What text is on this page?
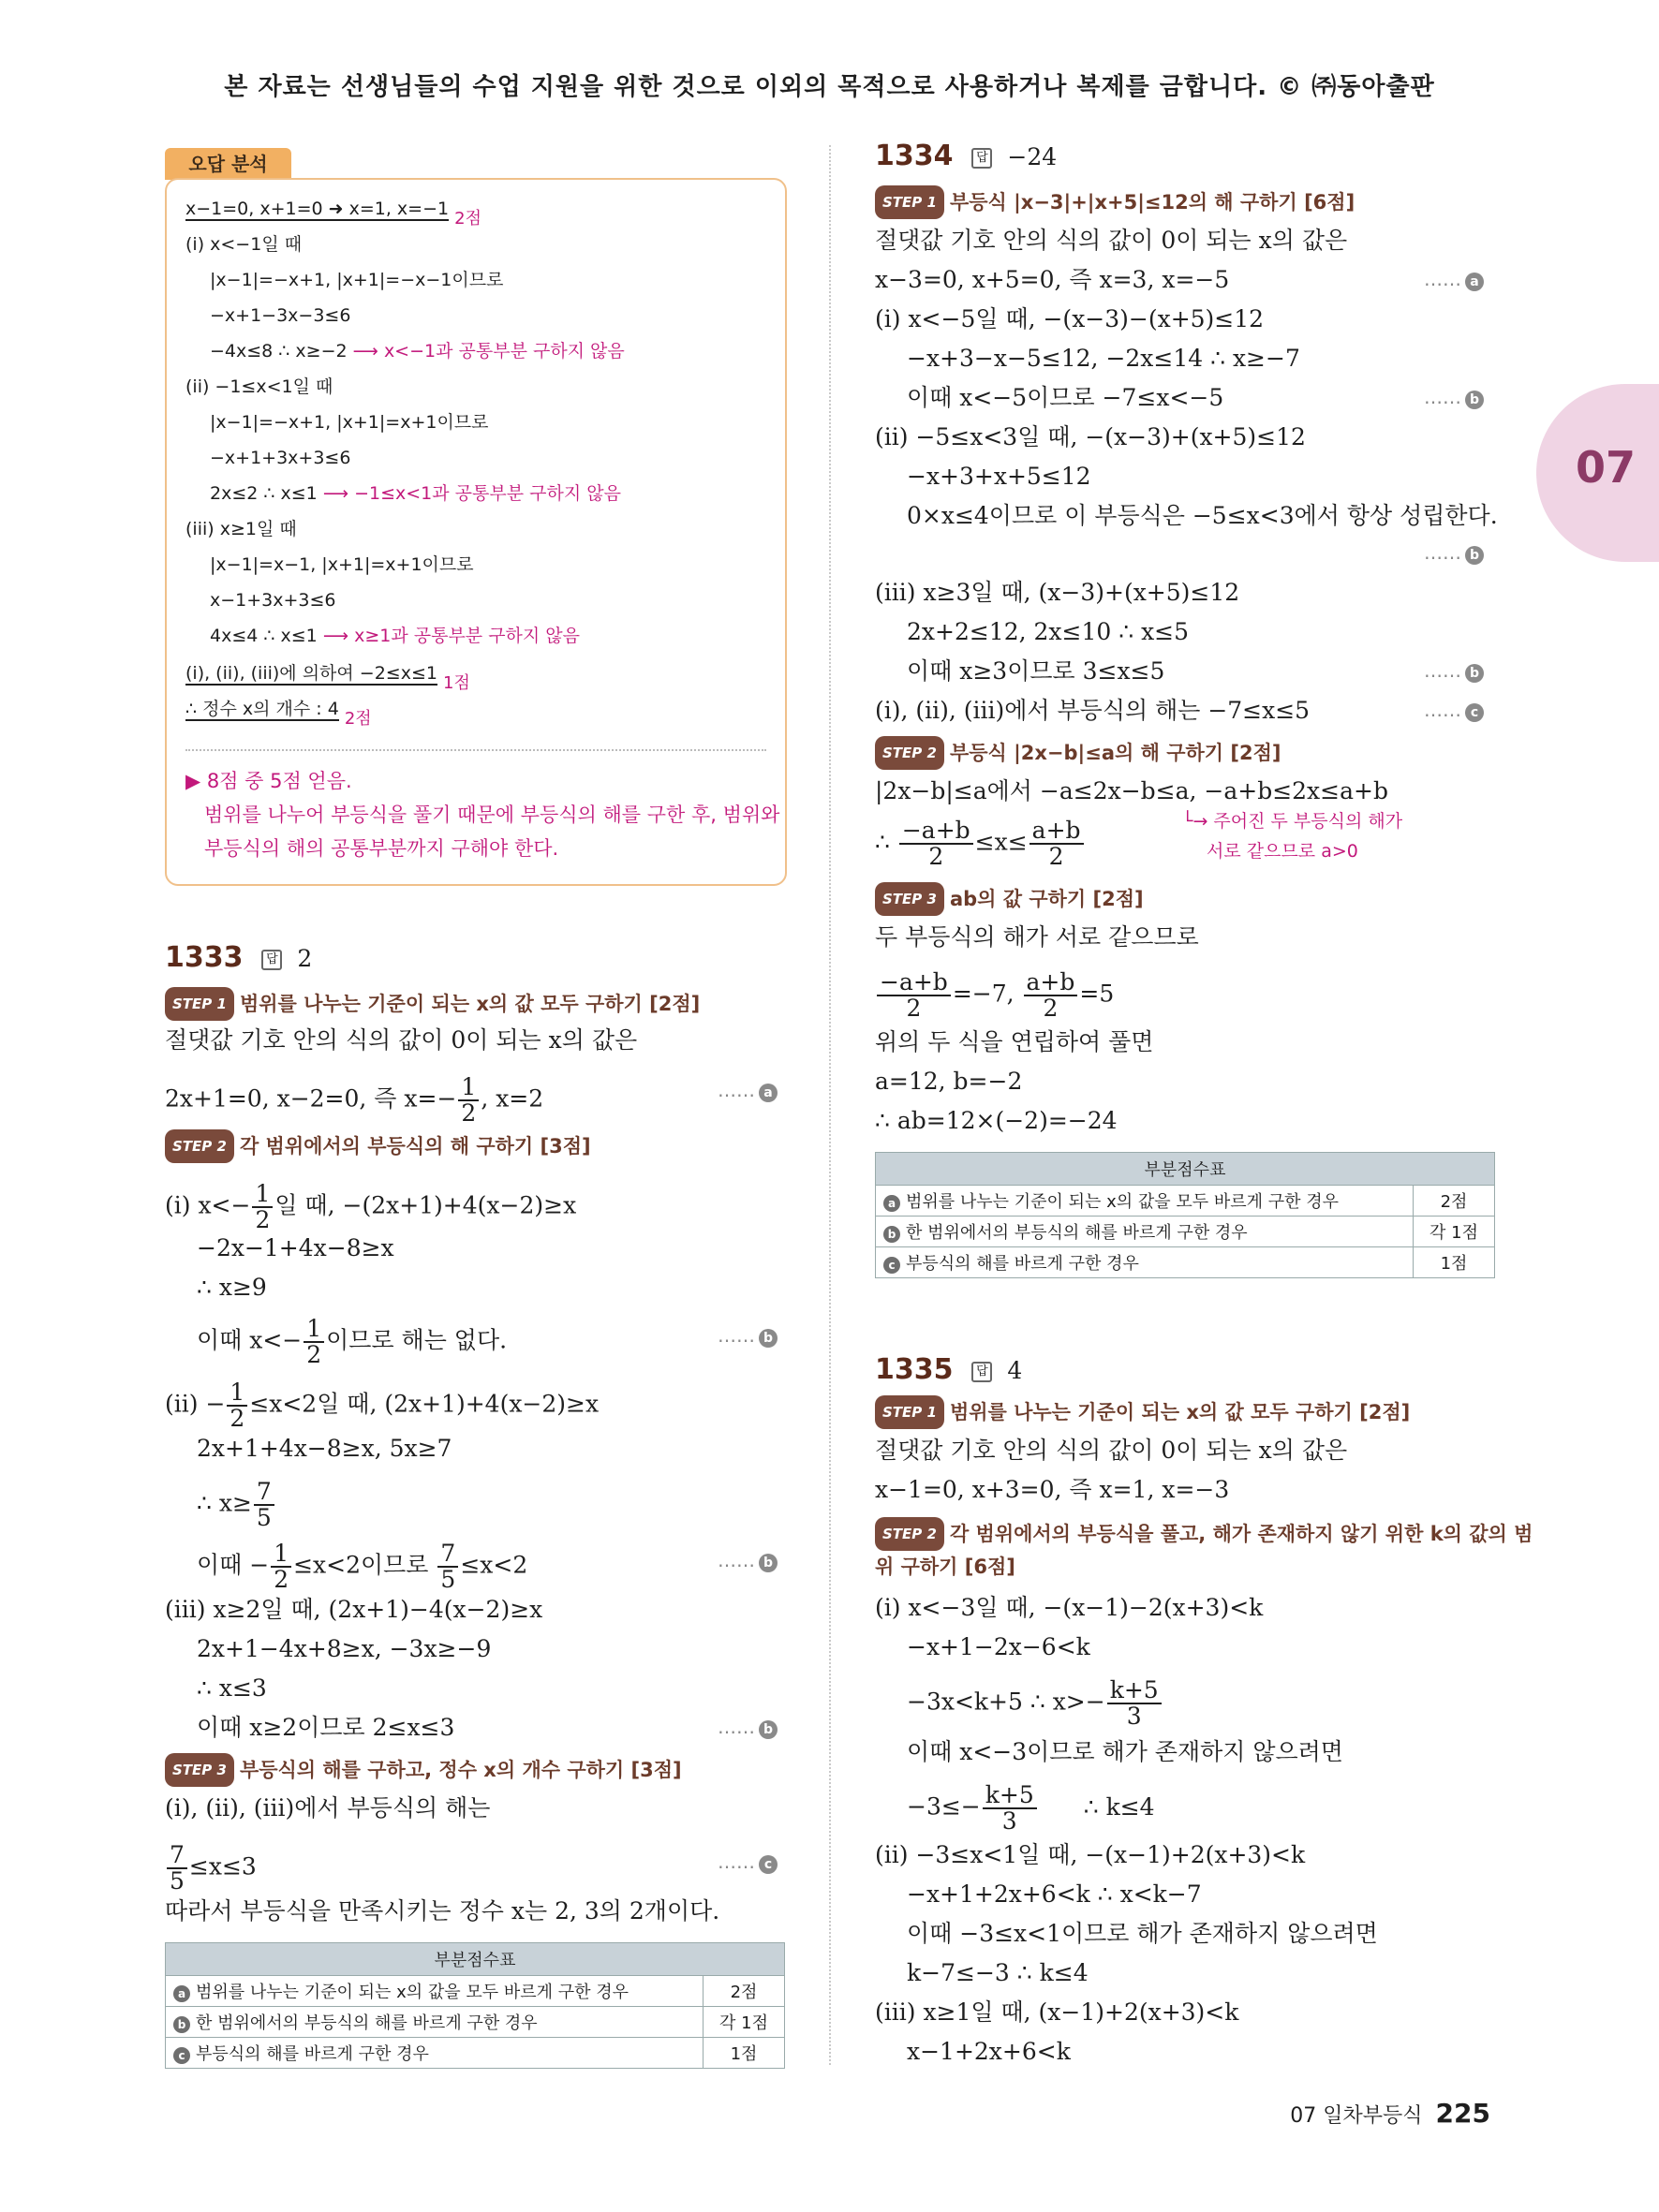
본 자료는 선생님들의 수업 지원을 위한 것으로 이외의 목적으로 사용하거나 복제를 금합니다. © ㈜동아출판
07
오답 분석
x−1=0, x+1=0 ➜ x=1, x=−1 2점
(i) x<−1일 때
|x−1|=−x+1, |x+1|=−x−1이므로
−x+1−3x−3≤6
−4x≤8 ∴ x≥−2 ⟶ x<−1과 공통부분 구하지 않음
(ii) −1≤x<1일 때
|x−1|=−x+1, |x+1|=x+1이므로
−x+1+3x+3≤6
2x≤2 ∴ x≤1 ⟶ −1≤x<1과 공통부분 구하지 않음
(iii) x≥1일 때
|x−1|=x−1, |x+1|=x+1이므로
x−1+3x+3≤6
4x≤4 ∴ x≤1 ⟶ x≥1과 공통부분 구하지 않음
(i), (ii), (iii)에 의하여 −2≤x≤1 1점
∴ 정수 x의 개수 : 4 2점
▶ 8점 중 5점 얻음.
범위를 나누어 부등식을 풀기 때문에 부등식의 해를 구한 후, 범위와
부등식의 해의 공통부분까지 구해야 한다.
1333 답 2
STEP 1 범위를 나누는 기준이 되는 x의 값 모두 구하기 [2점]
절댓값 기호 안의 식의 값이 0이 되는 x의 값은
2x+1=0, x−2=0, 즉 $x=- \frac{1}{2}$ , x=2	…… a
STEP 2 각 범위에서의 부등식의 해 구하기 [3점]
(i) $x<- \frac{1}{2}$ 일 때, −(2x+1)+4(x−2)≥x
−2x−1+4x−8≥x
∴ x≥9
이때 $x<- \frac{1}{2}$ 이므로 해는 없다.	…… b
$(ii) - \frac{1}{2} \le x<2$일 때, (2x+1)+4(x−2)≥x
2x+1+4x−8≥x, 5x≥7
∴ $x\ge \frac{7}{5}$
이때 − $\frac{1}{2} \le x<2$이므로 $\frac{7}{5} \le x<2$	…… b
(iii) x≥2일 때, (2x+1)−4(x−2)≥x
2x+1−4x+8≥x, −3x≥−9
∴ x≤3
이때 x≥2이므로 2≤x≤3	…… b
STEP 3 부등식의 해를 구하고, 정수 x의 개수 구하기 [3점]
(i), (ii), (iii)에서 부등식의 해는
$\frac{7}{5} \le x\le 3$	…… c
따라서 부등식을 만족시키는 정수 x는 2, 3의 2개이다.
부분점수표	
a 범위를 나누는 기준이 되는 x의 값을 모두 바르게 구한 경우	2점
b 한 범위에서의 부등식의 해를 바르게 구한 경우	각 1점
c 부등식의 해를 바르게 구한 경우	1점
1334 답 −24
STEP 1 부등식 |x−3|+|x+5|≤12의 해 구하기 [6점]
절댓값 기호 안의 식의 값이 0이 되는 x의 값은
x−3=0, x+5=0, 즉 x=3, x=−5	…… a
(i) x<−5일 때, −(x−3)−(x+5)≤12
−x+3−x−5≤12, −2x≤14 ∴ x≥−7
이때 x<−5이므로 −7≤x<−5	…… b
(ii) −5≤x<3일 때, −(x−3)+(x+5)≤12
−x+3+x+5≤12
0×x≤4이므로 이 부등식은 −5≤x<3에서 항상 성립한다.
…… b
(iii) x≥3일 때, (x−3)+(x+5)≤12
2x+2≤12, 2x≤10 ∴ x≤5
이때 x≥3이므로 3≤x≤5	…… b
(i), (ii), (iii)에서 부등식의 해는 −7≤x≤5	…… c
STEP 2 부등식 |2x−b|≤a의 해 구하기 [2점]
|2x−b|≤a에서 −a≤2x−b≤a, −a+b≤2x≤a+b
∴ $\frac{-a+b}{2} \le x\le \frac{a+b}{2}$	└→ 주어진 두 부등식의 해가
서로 같으므로 a>0
STEP 3 ab의 값 구하기 [2점]
두 부등식의 해가 서로 같으므로
$\frac{-a+b}{2} =-7$, $\frac{a+b}{2} =5$
위의 두 식을 연립하여 풀면
a=12, b=−2
∴ ab=12×(−2)=−24
부분점수표	
a 범위를 나누는 기준이 되는 x의 값을 모두 바르게 구한 경우	2점
b 한 범위에서의 부등식의 해를 바르게 구한 경우	각 1점
c 부등식의 해를 바르게 구한 경우	1점
1335 답 4
STEP 1 범위를 나누는 기준이 되는 x의 값 모두 구하기 [2점]
절댓값 기호 안의 식의 값이 0이 되는 x의 값은
x−1=0, x+3=0, 즉 x=1, x=−3
STEP 2 각 범위에서의 부등식을 풀고, 해가 존재하지 않기 위한 k의 값의 범
위 구하기 [6점]
(i) x<−3일 때, −(x−1)−2(x+3)<k
−x+1−2x−6<k
−3x<k+5 ∴ $x>- \frac{k+5}{3}$
이때 x<−3이므로 해가 존재하지 않으려면
$-3\le- \frac{k+5}{3}$ ∴ k≤4
(ii) −3≤x<1일 때, −(x−1)+2(x+3)<k
−x+1+2x+6<k ∴ x<k−7
이때 −3≤x<1이므로 해가 존재하지 않으려면
k−7≤−3 ∴ k≤4
(iii) x≥1일 때, (x−1)+2(x+3)<k
x−1+2x+6<k
07 일차부등식 225
